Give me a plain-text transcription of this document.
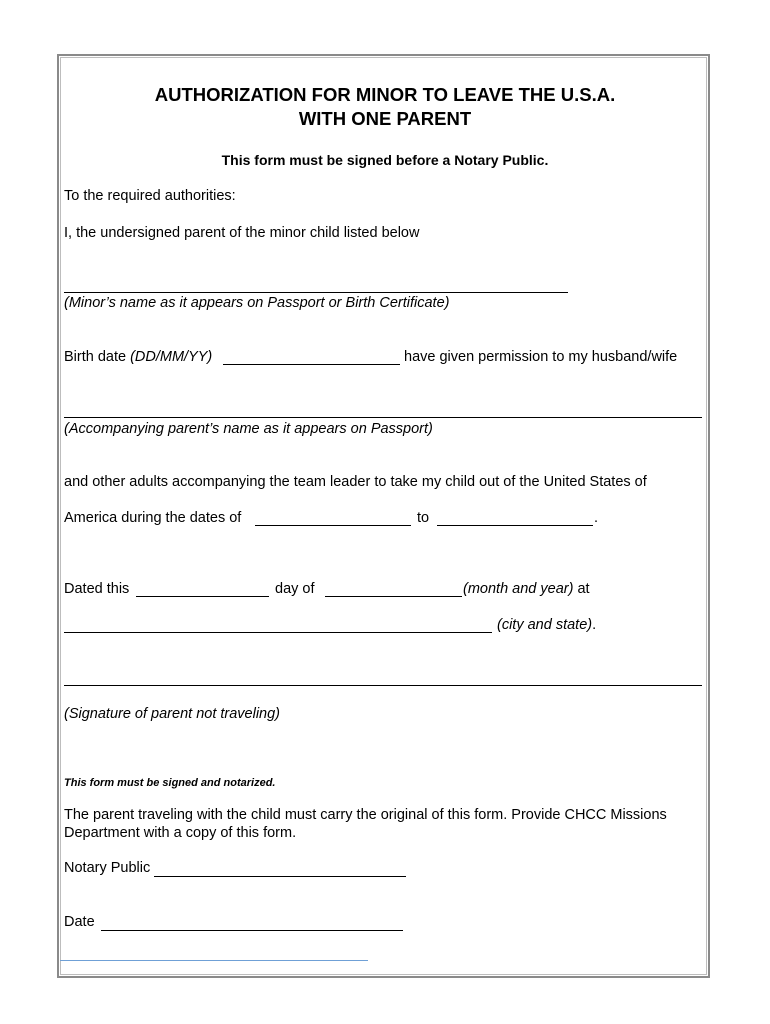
AUTHORIZATION FOR MINOR TO LEAVE THE U.S.A.
WITH ONE PARENT
This form must be signed before a Notary Public.
To the required authorities:
I, the undersigned parent of the minor child listed below
(Minor’s name as it appears on Passport or Birth Certificate)
Birth date (DD/MM/YY)	have given permission to my husband/wife
(Accompanying parent’s name as it appears on Passport)
and other adults accompanying the team leader to take my child out of the United States of
America during the dates of	to	.
Dated this	day of	(month and year) at
(city and state).
(Signature of parent not traveling)
This form must be signed and notarized.
The parent traveling with the child must carry the original of this form. Provide CHCC Missions
Department with a copy of this form.
Notary Public
Date
